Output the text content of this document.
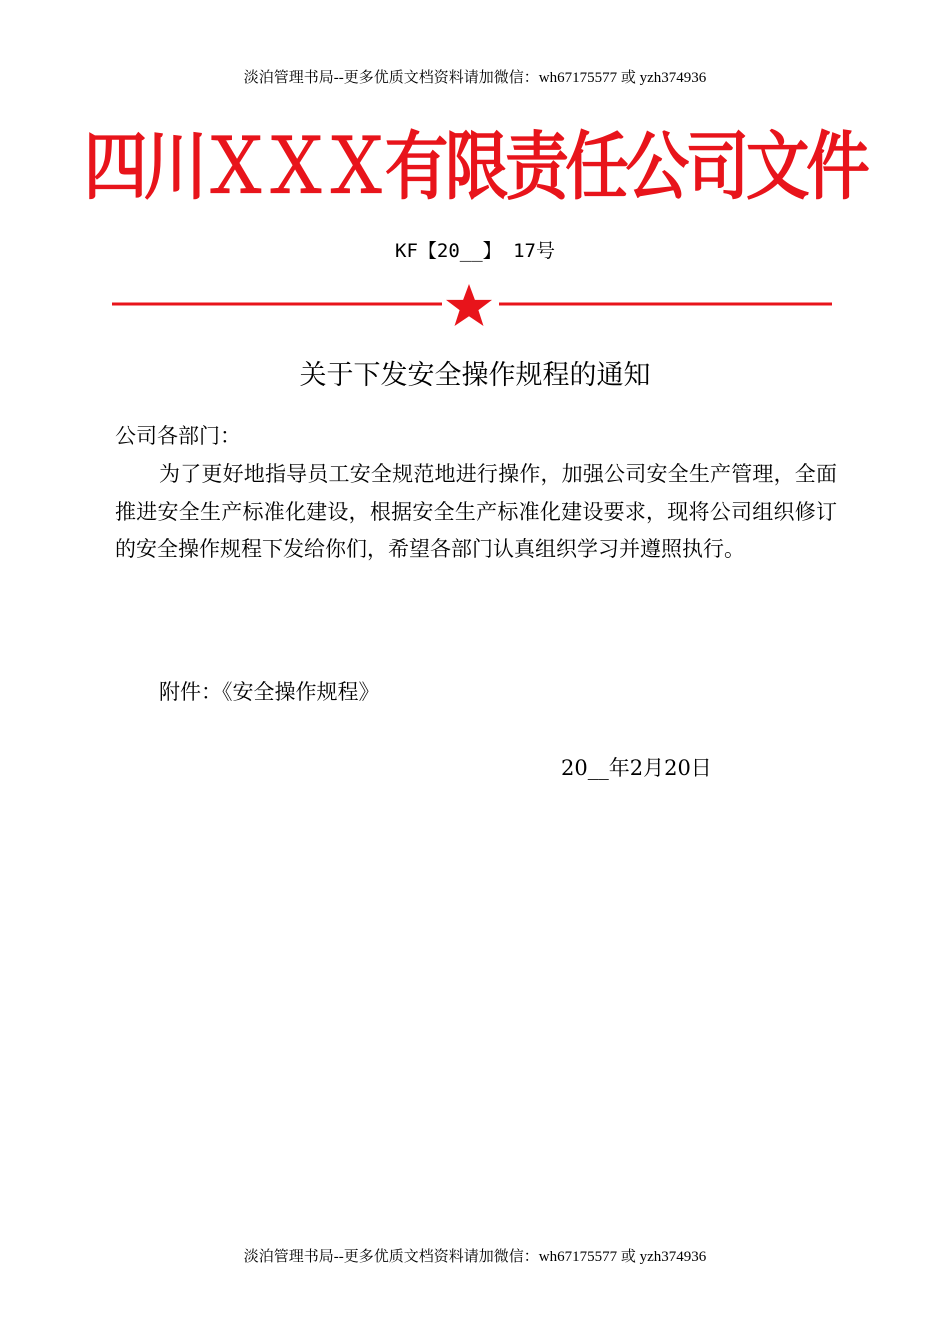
淡泊管理书局--更多优质文档资料请加微信：wh67175577 或 yzh374936
四川ＸＸＸ有限责任公司文件
KF【20__】 17号
关于下发安全操作规程的通知
公司各部门：
为了更好地指导员工安全规范地进行操作，加强公司安全生产管理，全面推进安全生产标准化建设，根据安全生产标准化建设要求，现将公司组织修订的安全操作规程下发给你们，希望各部门认真组织学习并遵照执行。
附件：《安全操作规程》
20__年2月20日
淡泊管理书局--更多优质文档资料请加微信：wh67175577 或 yzh374936
